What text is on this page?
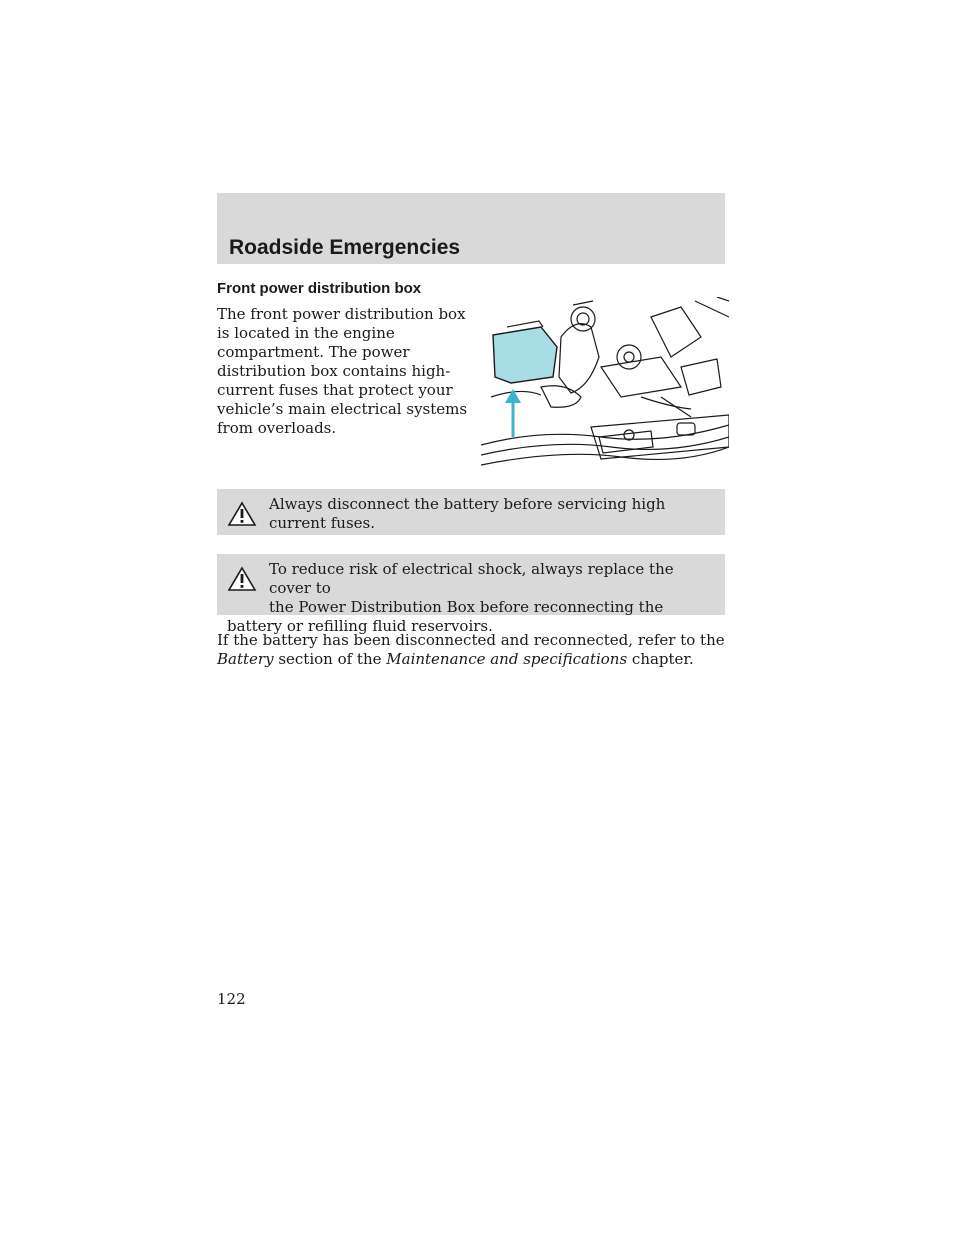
Roadside Emergencies
Front power distribution box
The front power distribution box is located in the engine compartment. The power distribution box contains high-current fuses that protect your vehicle’s main electrical systems from overloads.
Always disconnect the battery before servicing high current fuses.
To reduce risk of electrical shock, always replace the cover to
the Power Distribution Box before reconnecting the battery or refilling fluid reservoirs.
If the battery has been disconnected and reconnected, refer to the
Battery section of the Maintenance and specifications chapter.
122
